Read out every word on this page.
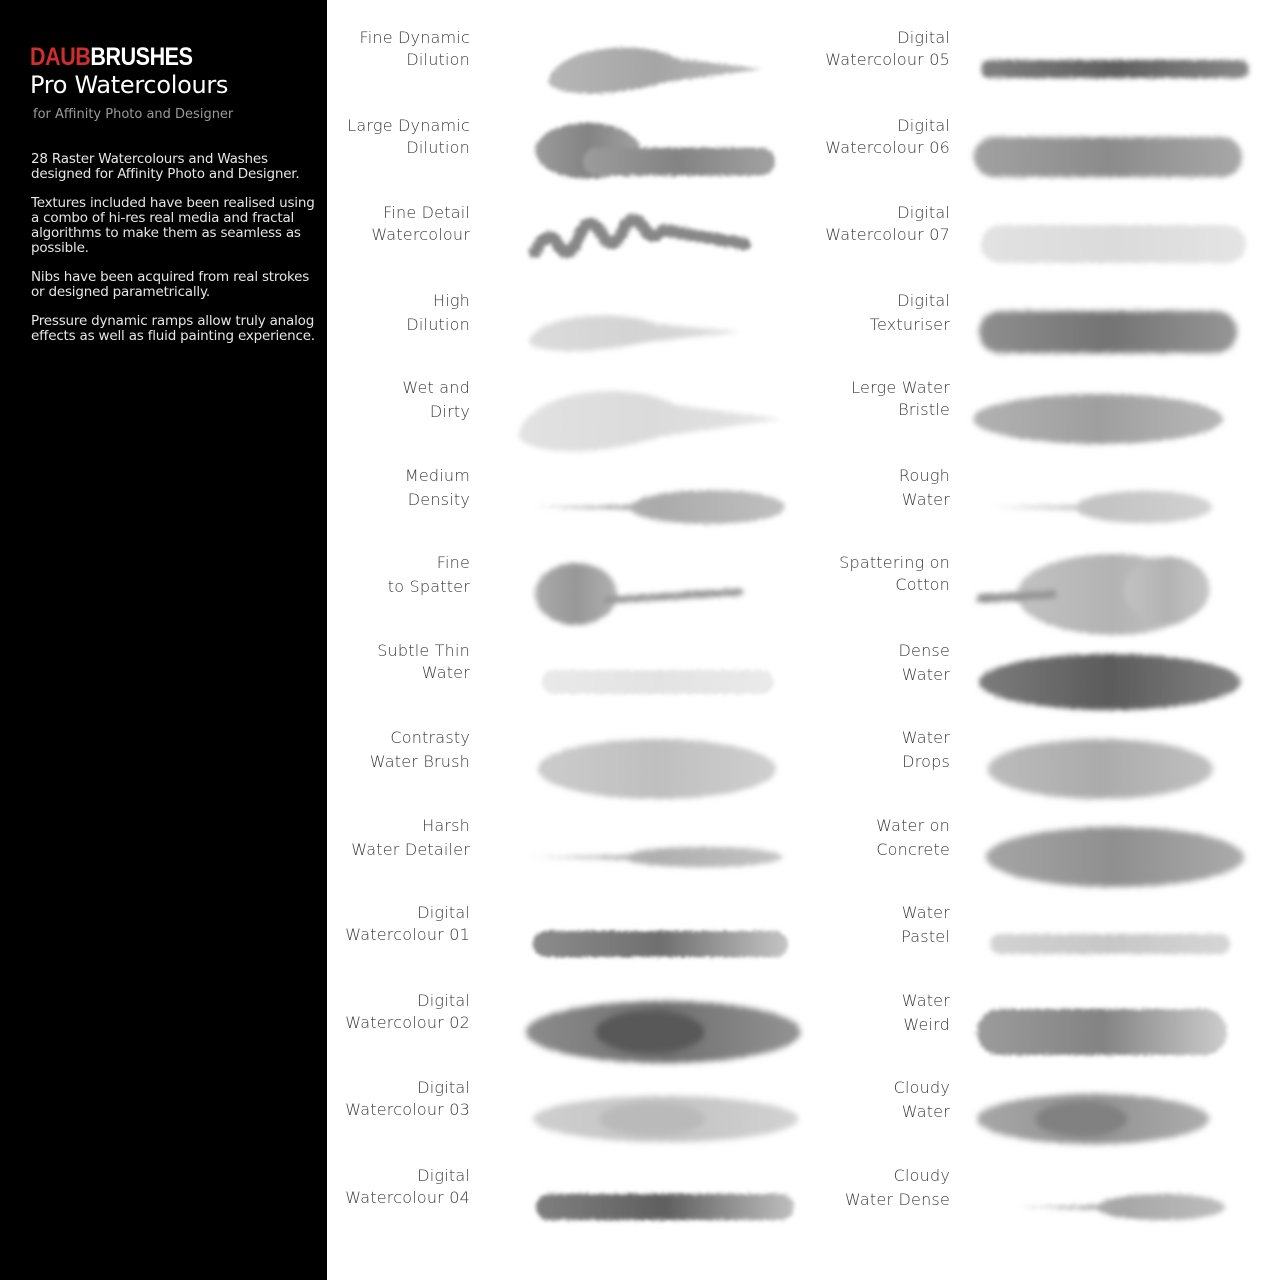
DAUBBRUSHES
Pro Watercolours
for Affinity Photo and Designer

28 Raster Watercolours and Washes designed for Affinity Photo and Designer.

Textures included have been realised using a combo of hi-res real media and fractal algorithms to make them as seamless as possible.

Nibs have been acquired from real strokes or designed parametrically.

Pressure dynamic ramps allow truly analog effects as well as fluid painting experience.

Fine Dynamic
Dilution
Large Dynamic
Dilution
Fine Detail
Watercolour
High
Dilution
Wet and
Dirty
Medium
Density
Fine
to Spatter
Subtle Thin
Water
Contrasty
Water Brush
Harsh
Water Detailer
Digital
Watercolour 01
Digital
Watercolour 02
Digital
Watercolour 03
Digital
Watercolour 04
Digital
Watercolour 05
Digital
Watercolour 06
Digital
Watercolour 07
Digital
Texturiser
Lerge Water
Bristle
Rough
Water
Spattering on
Cotton
Dense
Water
Water
Drops
Water on
Concrete
Water
Pastel
Water
Weird
Cloudy
Water
Cloudy
Water Dense
